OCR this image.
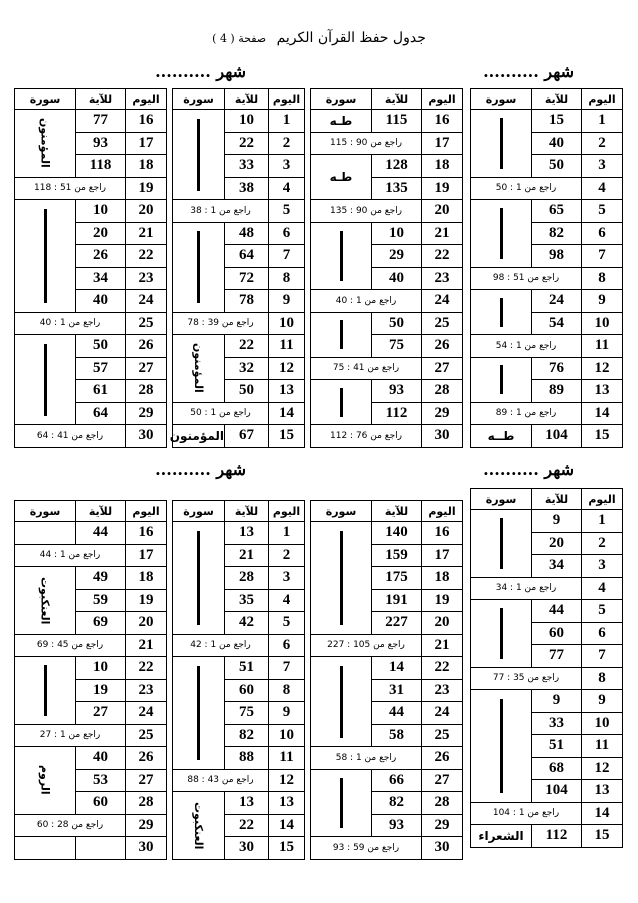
جدول حفظ القرآن الكريم صفحة ( 4 )
شهر ..........
شهر ..........
شهر ..........
شهر ..........
اليوم	للآية	سورة
1	15	

2	40	
3	50	
4	راجع من 1 : 50	
5	65	

6	82	
7	98	
8	راجع من 51 : 98	
9	24	

10	54	
11	راجع من 1 : 54	
12	76	

13	89	
14	راجع من 1 : 89	
15	104	طــه
اليوم	للآية	سورة
16	115	طـه
17	راجع من 90 : 115	
18	128	طـه
19	135	
20	راجع من 90 : 135	
21	10	

22	29	
23	40	
24	راجع من 1 : 40	
25	50	

26	75	
27	راجع من 41 : 75	
28	93	

29	112	
30	راجع من 76 : 112	
اليوم	للآية	سورة
1	10	

2	22	
3	33	
4	38	
5	راجع من 1 : 38	
6	48	

7	64	
8	72	
9	78	
10	راجع من 39 : 78	
11	22	المؤمنون

12	32	
13	50	
14	راجع من 1 : 50	
15	67	المؤمنون
اليوم	للآية	سورة
16	77	المؤمنون

17	93	
18	118	
19	راجع من 51 : 118	
20	10	

21	20	
22	26	
23	34	
24	40	
25	راجع من 1 : 40	
26	50	

27	57	
28	61	
29	64	
30	راجع من 41 : 64	
اليوم	للآية	سورة
1	9	

2	20	
3	34	
4	راجع من 1 : 34	
5	44	

6	60	
7	77	
8	راجع من 35 : 77	
9	9	

10	33	
11	51	
12	68	
13	104	
14	راجع من 1 : 104	
15	112	الشعراء
اليوم	للآية	سورة
16	140	

17	159	
18	175	
19	191	
20	227	
21	راجع من 105 : 227	
22	14	

23	31	
24	44	
25	58	
26	راجع من 1 : 58	
27	66	

28	82	
29	93	
30	راجع من 59 : 93	
اليوم	للآية	سورة
1	13	

2	21	
3	28	
4	35	
5	42	
6	راجع من 1 : 42	
7	51	

8	60	
9	75	
10	82	
11	88	
12	راجع من 43 : 88	
13	13	العنكبوت

14	22	
15	30	
اليوم	للآية	سورة
16	44	
17	راجع من 1 : 44	
18	49	العنكبوت

19	59	
20	69	
21	راجع من 45 : 69	
22	10	

23	19	
24	27	
25	راجع من 1 : 27	
26	40	الروم

27	53	
28	60	
29	راجع من 28 : 60	
30		
